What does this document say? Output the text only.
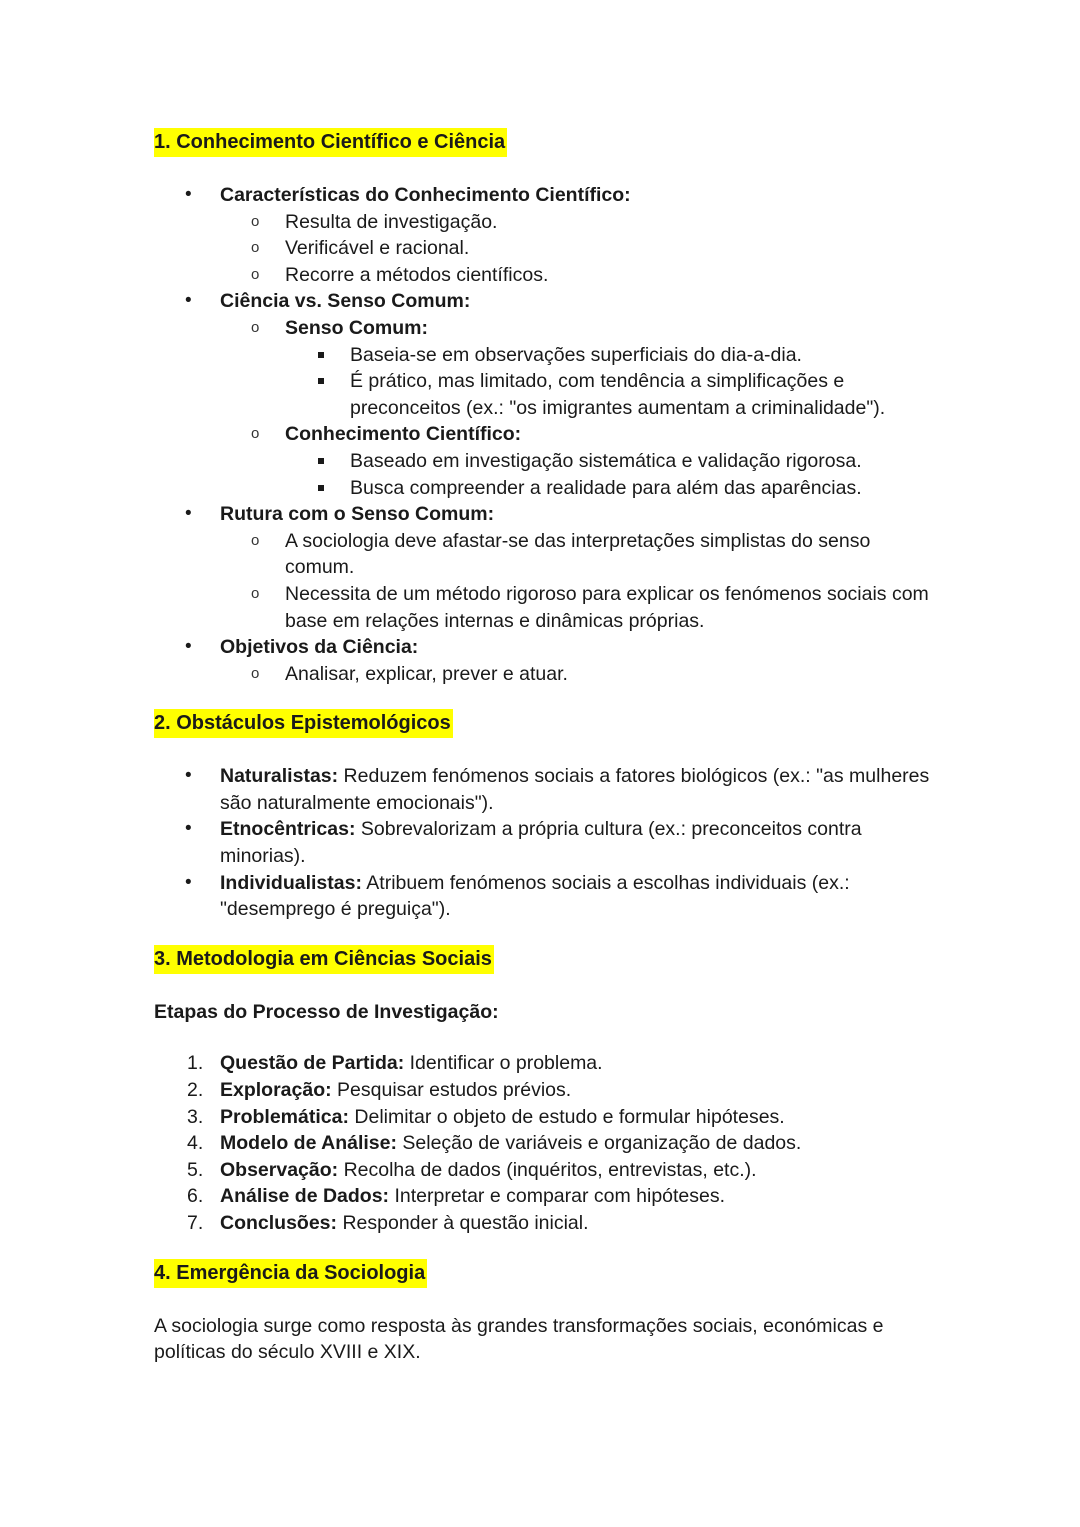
1. Conhecimento Científico e Ciência
• Características do Conhecimento Científico:
o Resulta de investigação.
o Verificável e racional.
o Recorre a métodos científicos.
• Ciência vs. Senso Comum:
o Senso Comum:
Baseia-se em observações superficiais do dia-a-dia.
É prático, mas limitado, com tendência a simplificações e preconceitos (ex.: "os imigrantes aumentam a criminalidade").
o Conhecimento Científico:
Baseado em investigação sistemática e validação rigorosa.
Busca compreender a realidade para além das aparências.
• Rutura com o Senso Comum:
o A sociologia deve afastar-se das interpretações simplistas do senso comum.
o Necessita de um método rigoroso para explicar os fenómenos sociais com base em relações internas e dinâmicas próprias.
• Objetivos da Ciência:
o Analisar, explicar, prever e atuar.
2. Obstáculos Epistemológicos
• Naturalistas: Reduzem fenómenos sociais a fatores biológicos (ex.: "as mulheres são naturalmente emocionais").
• Etnocêntricas: Sobrevalorizam a própria cultura (ex.: preconceitos contra minorias).
• Individualistas: Atribuem fenómenos sociais a escolhas individuais (ex.: "desemprego é preguiça").
3. Metodologia em Ciências Sociais
Etapas do Processo de Investigação:
1. Questão de Partida: Identificar o problema.
2. Exploração: Pesquisar estudos prévios.
3. Problemática: Delimitar o objeto de estudo e formular hipóteses.
4. Modelo de Análise: Seleção de variáveis e organização de dados.
5. Observação: Recolha de dados (inquéritos, entrevistas, etc.).
6. Análise de Dados: Interpretar e comparar com hipóteses.
7. Conclusões: Responder à questão inicial.
4. Emergência da Sociologia

A sociologia surge como resposta às grandes transformações sociais, económicas e políticas do século XVIII e XIX.
